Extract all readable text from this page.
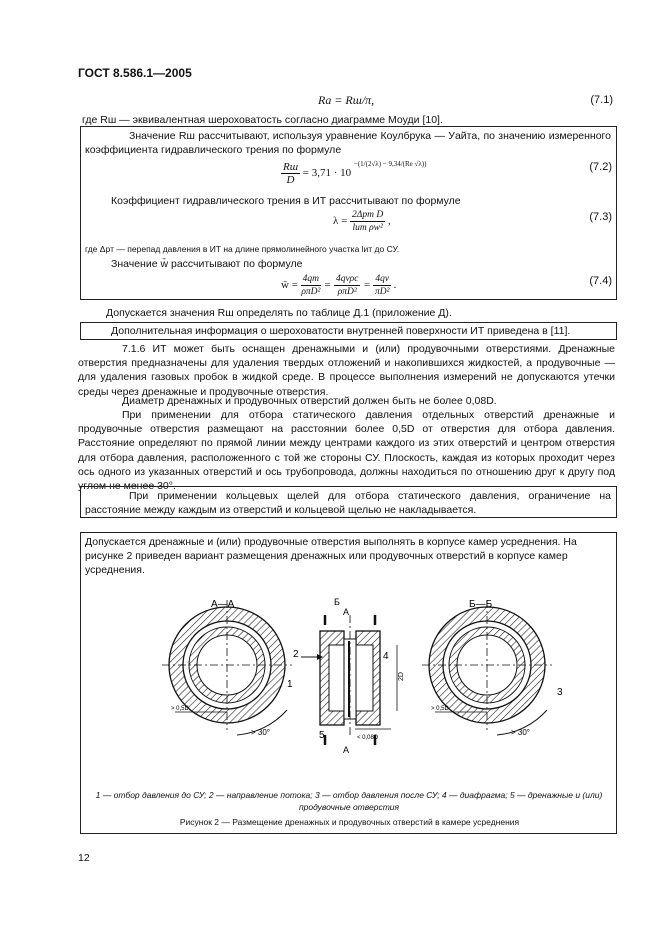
ГОСТ 8.586.1—2005
Ra = Rш/π,	(7.1)
где Rш — эквивалентная шероховатость согласно диаграмме Моуди [10].

Значение Rш рассчитывают, используя уравнение Коулбрука — Уайта, по значению измеренного коэффициента гидравлического трения по формуле

$\frac{Rш}{D} = 3,71 \cdot 10$ $^{-(1/(2√\lambda) - 9,34/(Re √\lambda))}$	(7.2)

Коэффициент гидравлического трения в ИТ рассчитывают по формуле

$\lambda = \frac{\text{2Δpт D}}{\text{lит ρw²}}$ ,	(7.3)

где Δpт — перепад давления в ИТ на длине прямолинейного участка lит до СУ.

Значение w̄ рассчитывают по формуле

w̄ = $\frac{4qm}{\text{ρπD²}} = \frac{\text{4qvρс}}{\text{ρπD²}} = \frac{4qv}{\text{πD²}}$ .	(7.4)
Допускается значения Rш определять по таблице Д.1 (приложение Д).

Дополнительная информация о шероховатости внутренней поверхности ИТ приведена в [11].

7.1.6 ИТ может быть оснащен дренажными и (или) продувочными отверстиями. Дренажные отверстия предназначены для удаления твердых отложений и накопившихся жидкостей, а продувочные — для удаления газовых пробок в жидкой среде. В процессе выполнения измерений не допускаются утечки среды через дренажные и продувочные отверстия.

Диаметр дренажных и продувочных отверстий должен быть не более 0,08D.

При применении для отбора статического давления отдельных отверстий дренажные и продувочные отверстия размещают на расстоянии более 0,5D от отверстия для отбора давления. Расстояние определяют по прямой линии между центрами каждого из этих отверстий и центром отверстия для отбора давления, расположенного с той же стороны СУ. Плоскость, каждая из которых проходит через ось одного из указанных отверстий и ось трубопровода, должны находиться по отношению друг к другу под углом не менее 30°.

При применении кольцевых щелей для отбора статического давления, ограничение на расстояние между каждым из отверстий и кольцевой щелью не накладывается.

Допускается дренажные и (или) продувочные отверстия выполнять в корпусе камер усреднения. На рисунке 2 приведен вариант размещения дренажных или продувочных отверстий в корпусе камер усреднения.

А—А	Б—Б
Б
А
А
2
1
4
5
3
> 0,5D	> 0,5D
> 30°	> 30°
< 0,08D
2D

1 — отбор давления до СУ; 2 — направление потока; 3 — отбор давления после СУ; 4 — диафрагма; 5 — дренажные и (или) продувочные отверстия

Рисунок 2 — Размещение дренажных и продувочных отверстий в камере усреднения

12
